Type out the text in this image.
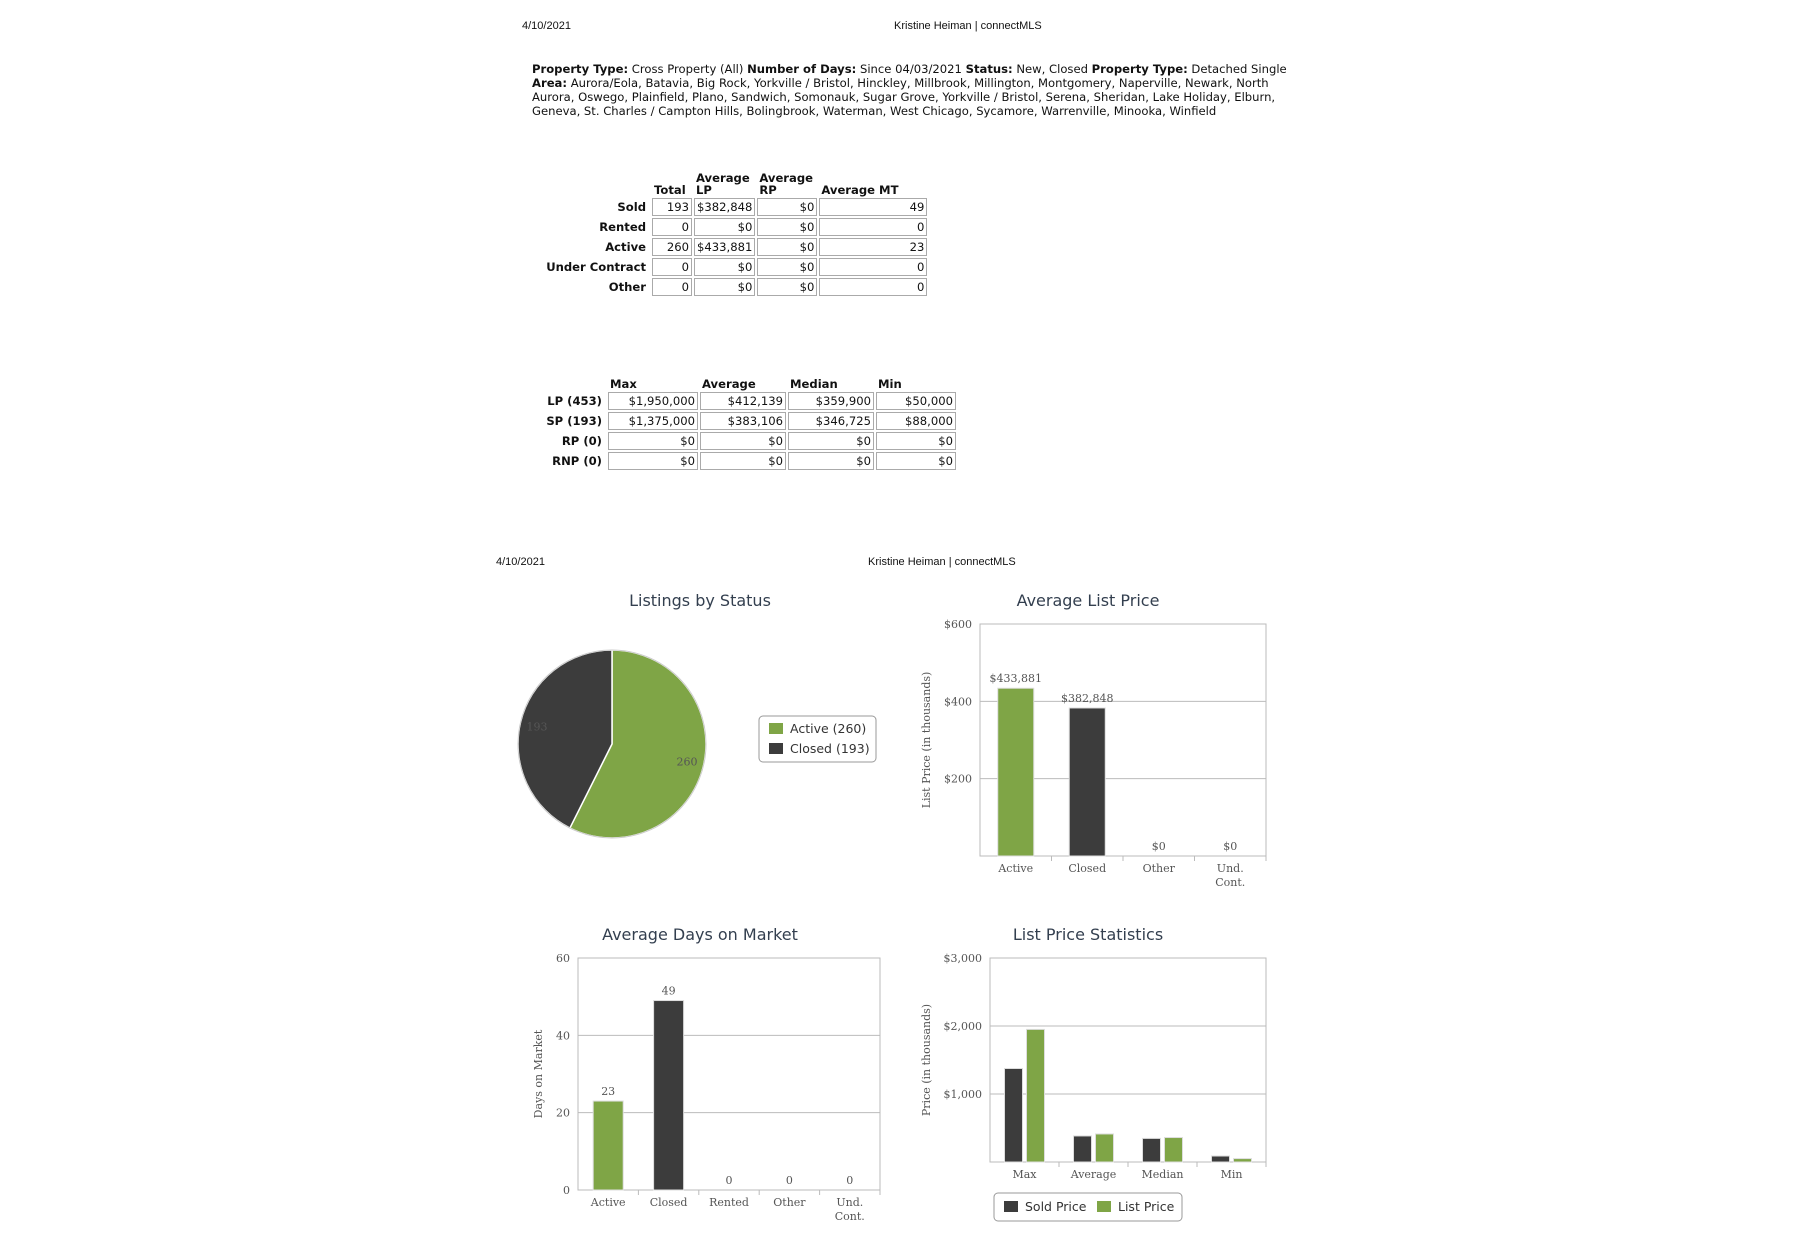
4/10/2021	Kristine Heiman | connectMLS
Property Type: Cross Property (All) Number of Days: Since 04/03/2021 Status: New, Closed Property Type: Detached Single Area: Aurora/Eola, Batavia, Big Rock, Yorkville / Bristol, Hinckley, Millbrook, Millington, Montgomery, Naperville, Newark, North Aurora, Oswego, Plainfield, Plano, Sandwich, Somonauk, Sugar Grove, Yorkville / Bristol, Serena, Sheridan, Lake Holiday, Elburn, Geneva, St. Charles / Campton Hills, Bolingbrook, Waterman, West Chicago, Sycamore, Warrenville, Minooka, Winfield
	Total	Average LP	Average RP	Average MT
Sold	193	$382,848	$0	49
Rented	0	$0	$0	0
Active	260	$433,881	$0	23
Under Contract	0	$0	$0	0
Other	0	$0	$0	0
	Max	Average	Median	Min
LP (453)	$1,950,000	$412,139	$359,900	$50,000
SP (193)	$1,375,000	$383,106	$346,725	$88,000
RP (0)	$0	$0	$0	$0
RNP (0)	$0	$0	$0	$0
4/10/2021	Kristine Heiman | connectMLS
Listings by Status
260
193	Active (260)
Closed (193)
Average List Price
List Price (in thousands) $200
$400
$600
$433,881
Active
$382,848
Closed
$0
Other
$0
Und.
Cont.
Average Days on Market
Days on Market
0
20
40
60
23
Active
49
Closed
0
Rented
0
Other
0
Und.
Cont.
List Price Statistics
Price (in thousands)
Sold Price	List Price
$1,000
$2,000
$3,000
Max	Average Median	Min
